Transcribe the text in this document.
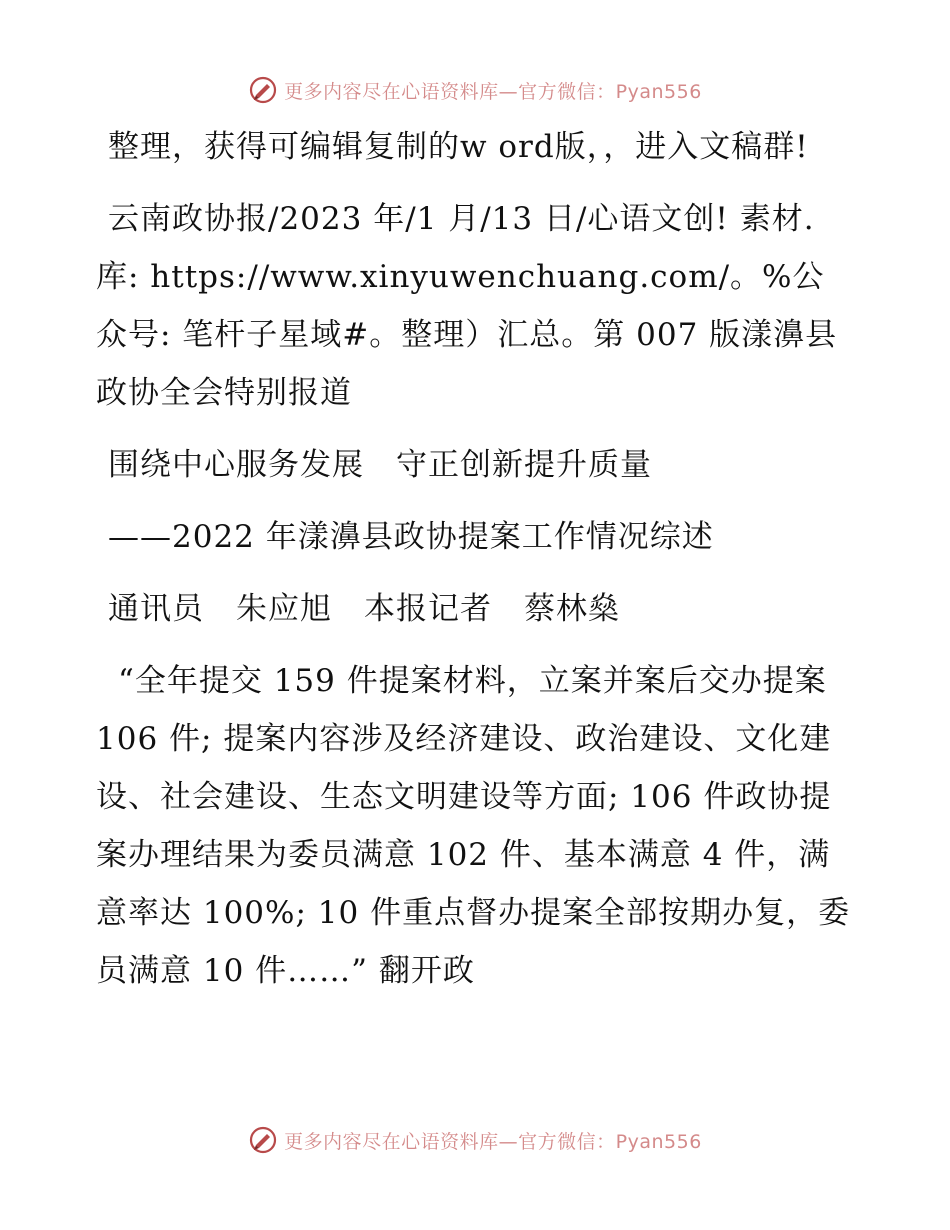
更多内容尽在心语资料库—官方微信：Pyan556

整理，获得可编辑复制的w ord版，，进入文稿群!

云南政协报/2023 年/1 月/13 日/心语文创! 素材.库: https://www.xinyuwenchuang.com/。%公众号: 笔杆子星域#。整理）汇总。第 007 版漾濞县政协全会特别报道

围绕中心服务发展　守正创新提升质量

——2022 年漾濞县政协提案工作情况综述

通讯员　朱应旭　本报记者　蔡林燊

“全年提交 159 件提案材料，立案并案后交办提案 106 件; 提案内容涉及经济建设、政治建设、文化建设、社会建设、生态文明建设等方面; 106 件政协提案办理结果为委员满意 102 件、基本满意 4 件，满意率达 100%; 10 件重点督办提案全部按期办复，委员满意 10 件……” 翻开政

更多内容尽在心语资料库—官方微信：Pyan556
